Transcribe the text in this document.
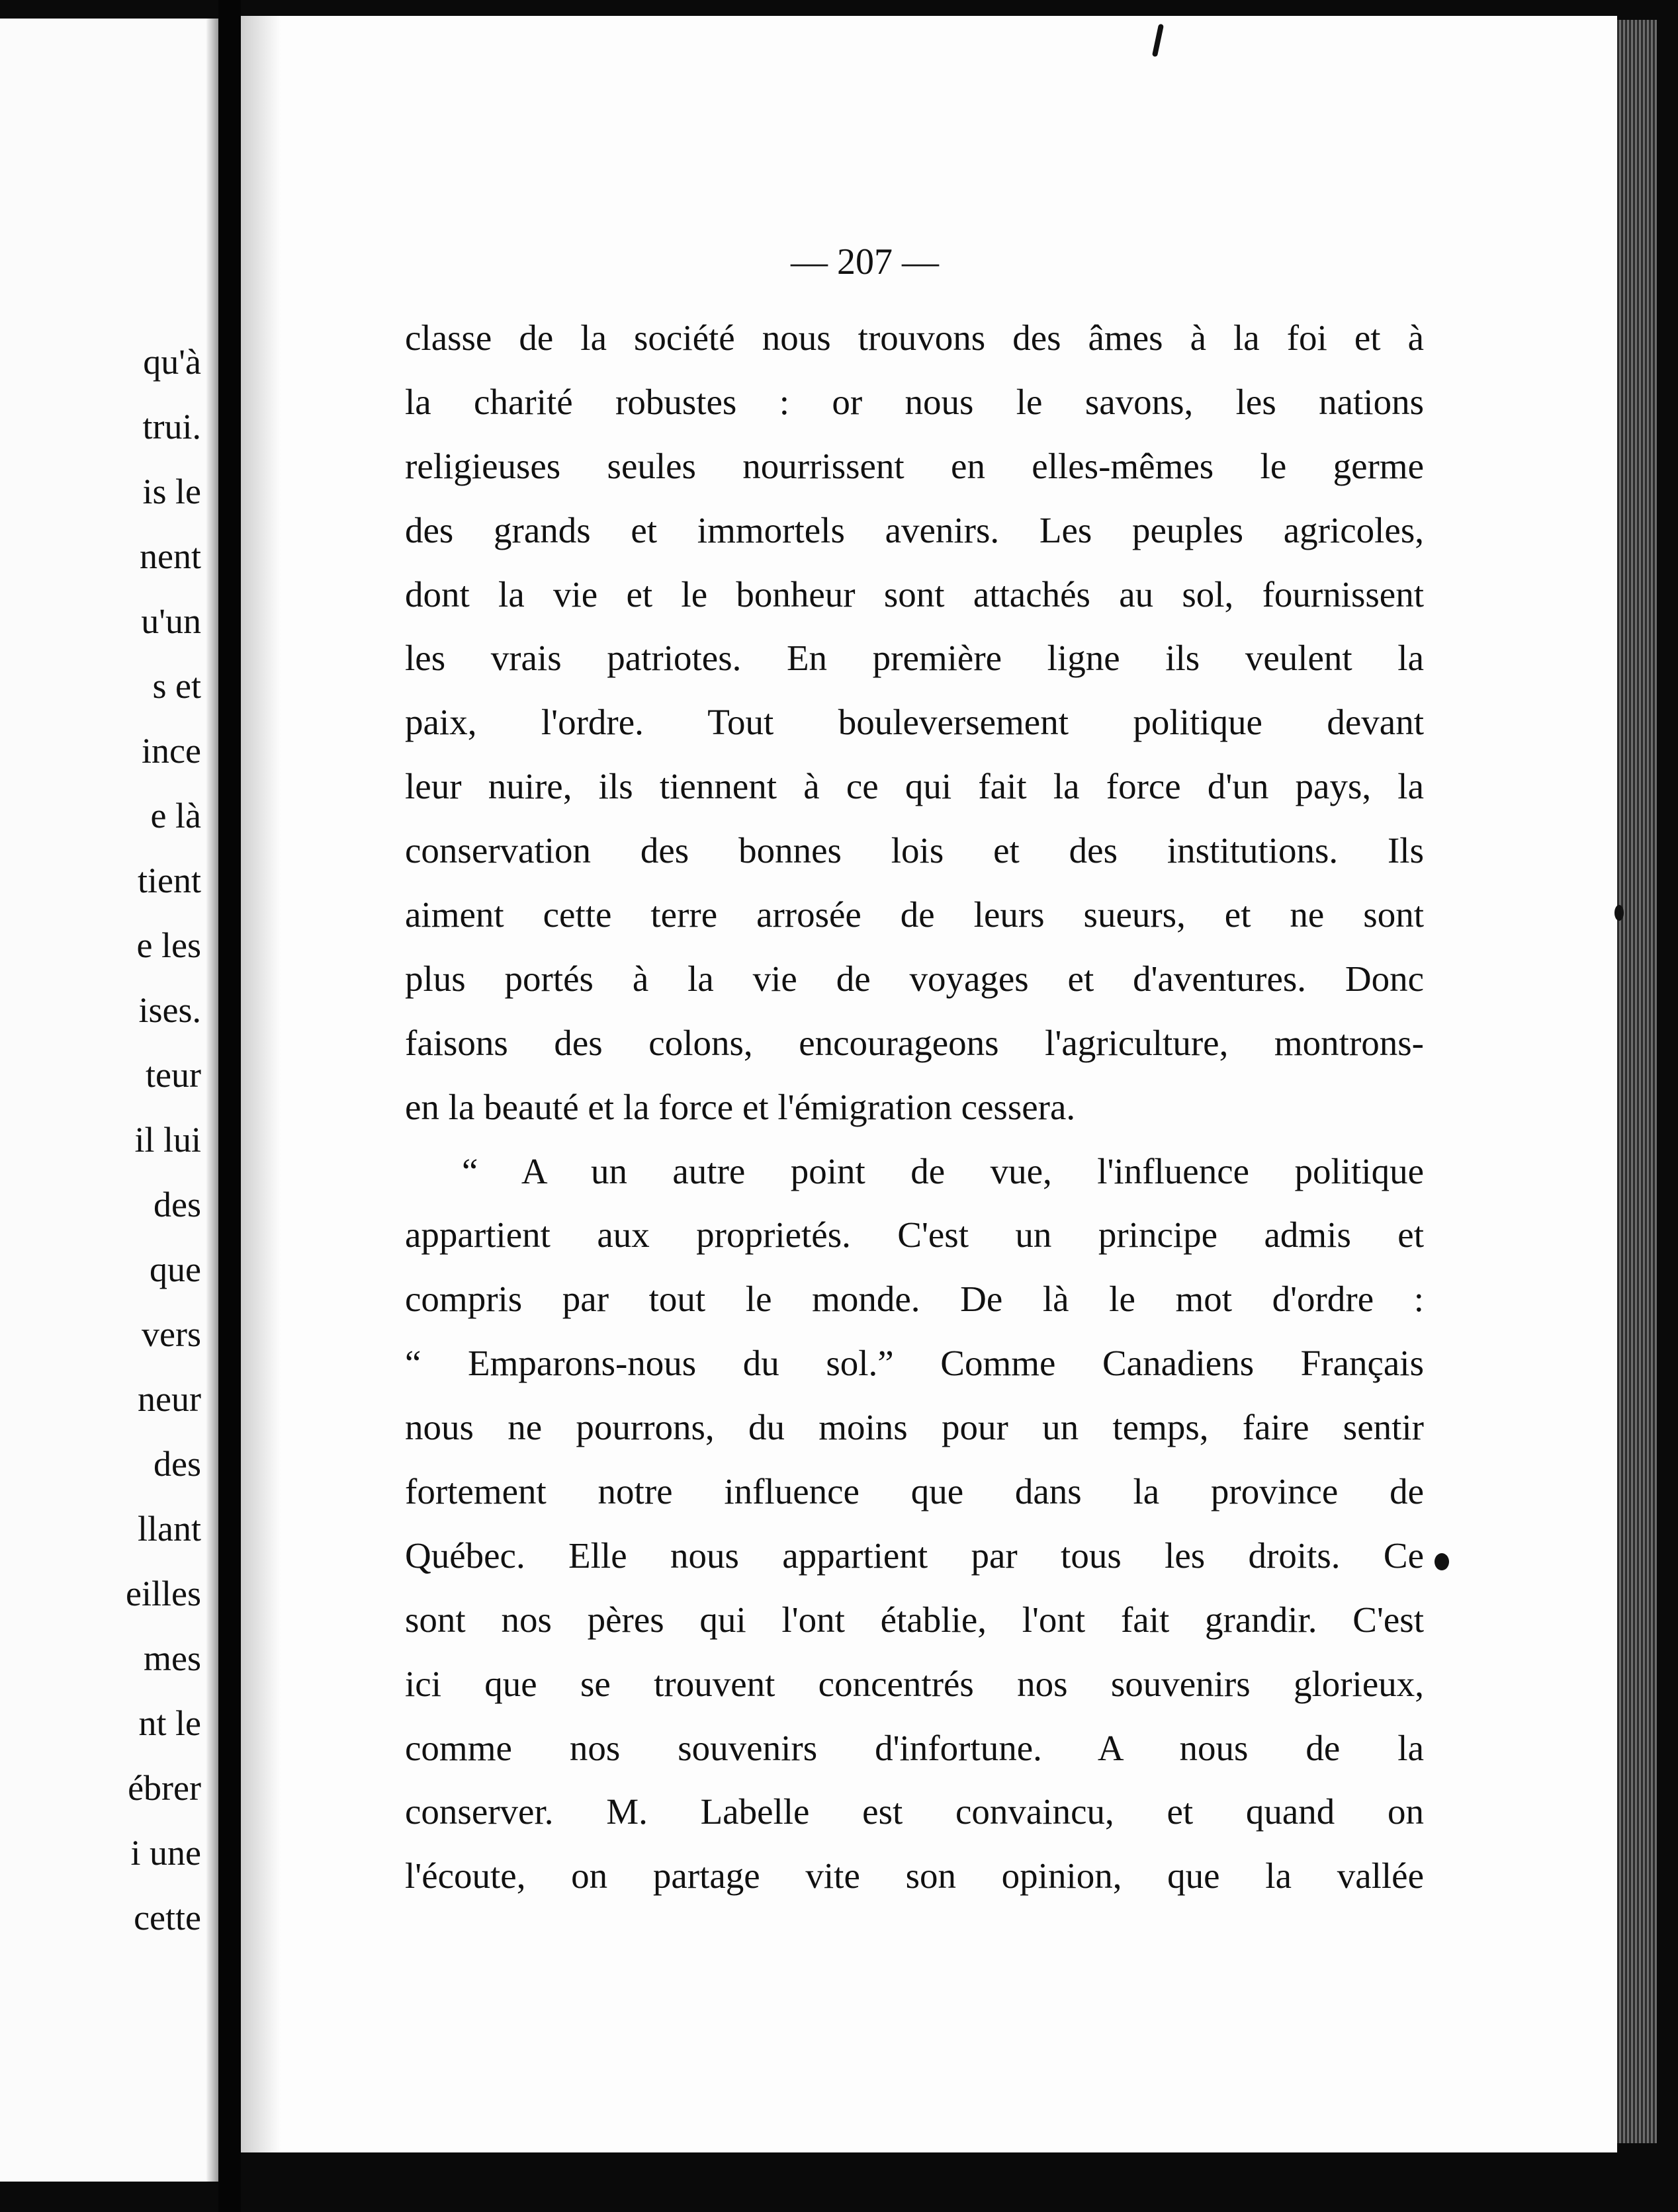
qu'à
trui.
is le
nent
u'un
s et
ince
e là
tient
e les
ises.
teur
il lui
des
que
vers
neur
des
llant
eilles
mes
nt le
ébrer
i une
cette

— 207 —

classe de la société nous trouvons des âmes à la foi et à
la charité robustes : or nous le savons, les nations
religieuses seules nourrissent en elles-mêmes le germe
des grands et immortels avenirs. Les peuples agricoles,
dont la vie et le bonheur sont attachés au sol, fournissent
les vrais patriotes. En première ligne ils veulent la
paix, l'ordre. Tout bouleversement politique devant
leur nuire, ils tiennent à ce qui fait la force d'un pays, la
conservation des bonnes lois et des institutions. Ils
aiment cette terre arrosée de leurs sueurs, et ne sont
plus portés à la vie de voyages et d'aventures. Donc
faisons des colons, encourageons l'agriculture, montrons-
en la beauté et la force et l'émigration cessera.
“ A un autre point de vue, l'influence politique
appartient aux proprietés. C'est un principe admis et
compris par tout le monde. De là le mot d'ordre :
“ Emparons-nous du sol.” Comme Canadiens Français
nous ne pourrons, du moins pour un temps, faire sentir
fortement notre influence que dans la province de
Québec. Elle nous appartient par tous les droits. Ce
sont nos pères qui l'ont établie, l'ont fait grandir. C'est
ici que se trouvent concentrés nos souvenirs glorieux,
comme nos souvenirs d'infortune. A nous de la
conserver. M. Labelle est convaincu, et quand on
l'écoute, on partage vite son opinion, que la vallée
